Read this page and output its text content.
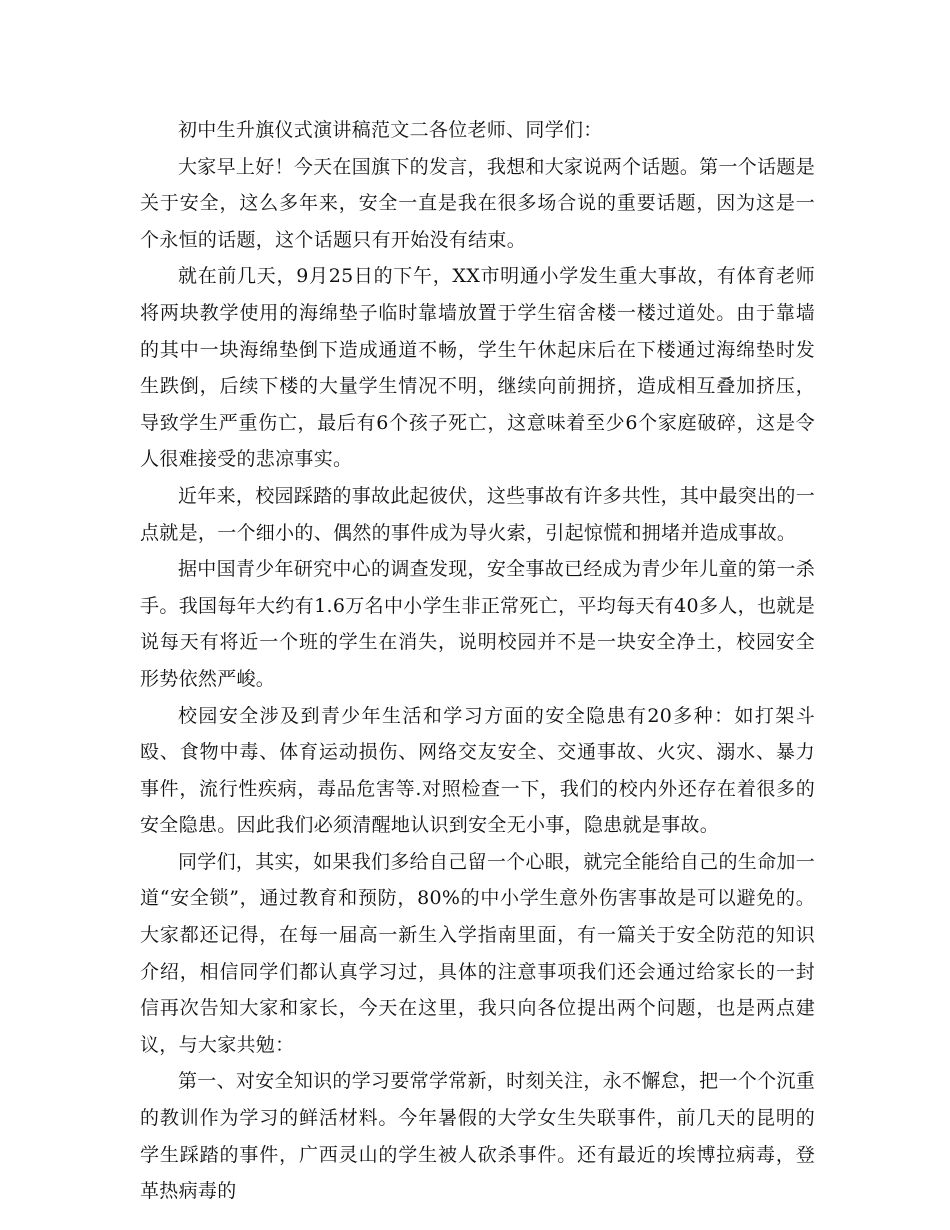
初中生升旗仪式演讲稿范文二各位老师、同学们：

大家早上好！今天在国旗下的发言，我想和大家说两个话题。第一个话题是关于安全，这么多年来，安全一直是我在很多场合说的重要话题，因为这是一个永恒的话题，这个话题只有开始没有结束。

就在前几天，9月25日的下午，XX市明通小学发生重大事故，有体育老师将两块教学使用的海绵垫子临时靠墙放置于学生宿舍楼一楼过道处。由于靠墙的其中一块海绵垫倒下造成通道不畅，学生午休起床后在下楼通过海绵垫时发生跌倒，后续下楼的大量学生情况不明，继续向前拥挤，造成相互叠加挤压，导致学生严重伤亡，最后有6个孩子死亡，这意味着至少6个家庭破碎，这是令人很难接受的悲凉事实。

近年来，校园踩踏的事故此起彼伏，这些事故有许多共性，其中最突出的一点就是，一个细小的、偶然的事件成为导火索，引起惊慌和拥堵并造成事故。

据中国青少年研究中心的调查发现，安全事故已经成为青少年儿童的第一杀手。我国每年大约有1.6万名中小学生非正常死亡，平均每天有40多人，也就是说每天有将近一个班的学生在消失，说明校园并不是一块安全净土，校园安全形势依然严峻。

校园安全涉及到青少年生活和学习方面的安全隐患有20多种：如打架斗殴、食物中毒、体育运动损伤、网络交友安全、交通事故、火灾、溺水、暴力事件，流行性疾病，毒品危害等.对照检查一下，我们的校内外还存在着很多的安全隐患。因此我们必须清醒地认识到安全无小事，隐患就是事故。

同学们，其实，如果我们多给自己留一个心眼，就完全能给自己的生命加一道“安全锁”，通过教育和预防，80%的中小学生意外伤害事故是可以避免的。大家都还记得，在每一届高一新生入学指南里面，有一篇关于安全防范的知识介绍，相信同学们都认真学习过，具体的注意事项我们还会通过给家长的一封信再次告知大家和家长，今天在这里，我只向各位提出两个问题，也是两点建议，与大家共勉：

第一、对安全知识的学习要常学常新，时刻关注，永不懈怠，把一个个沉重的教训作为学习的鲜活材料。今年暑假的大学女生失联事件，前几天的昆明的学生踩踏的事件，广西灵山的学生被人砍杀事件。还有最近的埃博拉病毒，登革热病毒的
